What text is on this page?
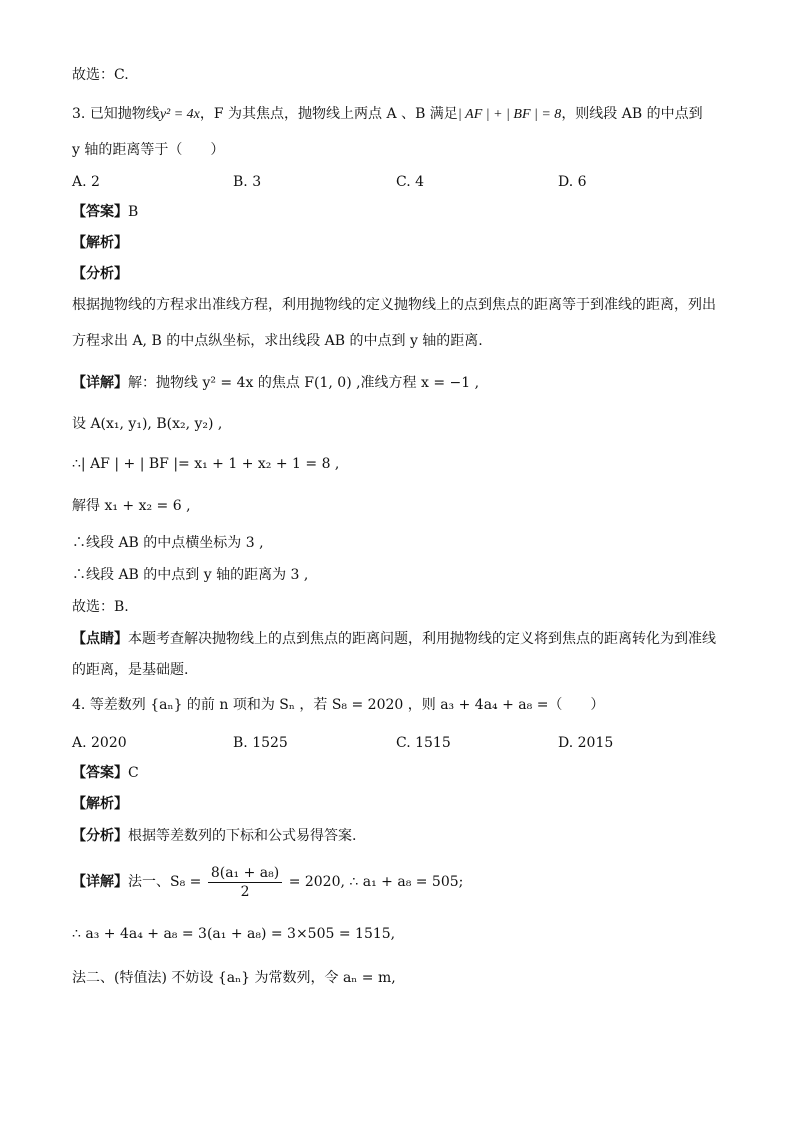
故选：C.
3. 已知抛物线y² = 4x，F 为其焦点，抛物线上两点 A 、B 满足| AF | + | BF | = 8，则线段 AB 的中点到
y 轴的距离等于（　　）
A. 2	B. 3	C. 4	D. 6
【答案】B
【解析】
【分析】
根据抛物线的方程求出准线方程，利用抛物线的定义抛物线上的点到焦点的距离等于到准线的距离，列出
方程求出 A, B 的中点纵坐标，求出线段 AB 的中点到 y 轴的距离.
【详解】解：抛物线 y² = 4x 的焦点 F(1, 0) ,准线方程 x = −1 ,
设 A(x₁, y₁), B(x₂, y₂) ,
∴| AF | + | BF |= x₁ + 1 + x₂ + 1 = 8 ,
解得 x₁ + x₂ = 6 ,
∴线段 AB 的中点横坐标为 3 ,
∴线段 AB 的中点到 y 轴的距离为 3 ,
故选：B.
【点睛】本题考查解决抛物线上的点到焦点的距离问题，利用抛物线的定义将到焦点的距离转化为到准线
的距离，是基础题.
4. 等差数列 {aₙ} 的前 n 项和为 Sₙ ，若 S₈ = 2020 ，则 a₃ + 4a₄ + a₈ =（　　）
A. 2020	B. 1525	C. 1515	D. 2015
【答案】C
【解析】
【分析】根据等差数列的下标和公式易得答案.
【详解】法一、$S_8 = \frac{\text{8(a₁ + a₈)}}{2} = 2020$, ∴ a₁ + a₈ = 505;
∴ a₃ + 4a₄ + a₈ = 3(a₁ + a₈) = 3×505 = 1515,
法二、(特值法) 不妨设 {aₙ} 为常数列，令 aₙ = m,
